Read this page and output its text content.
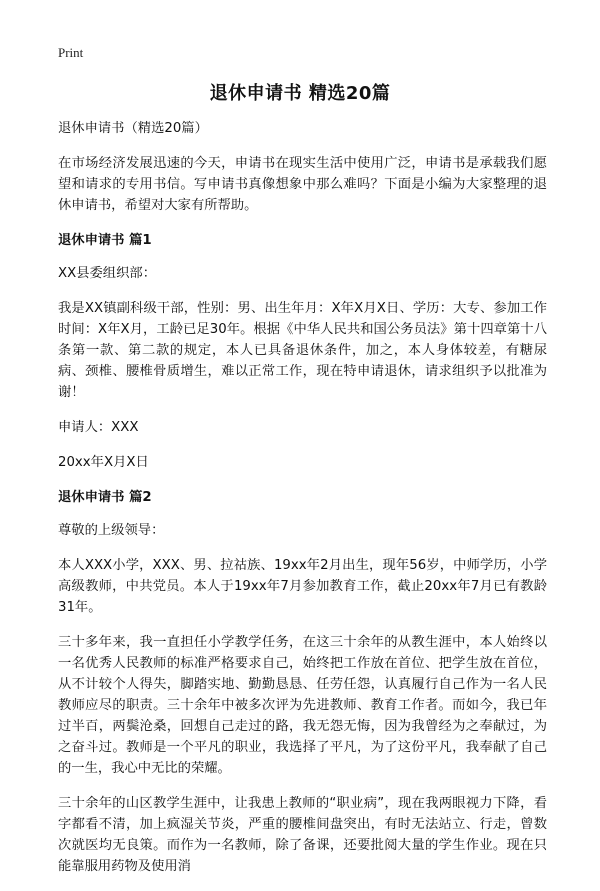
Print
退休申请书 精选20篇

退休申请书（精选20篇）

在市场经济发展迅速的今天，申请书在现实生活中使用广泛，申请书是承载我们愿望和请求的专用书信。写申请书真像想象中那么难吗？下面是小编为大家整理的退休申请书，希望对大家有所帮助。

退休申请书 篇1

XX县委组织部：

我是XX镇副科级干部，性别：男、出生年月：X年X月X日、学历：大专、参加工作时间：X年X月，工龄已足30年。根据《中华人民共和国公务员法》第十四章第十八条第一款、第二款的规定，本人已具备退休条件，加之，本人身体较差，有糖尿病、颈椎、腰椎骨质增生，难以正常工作，现在特申请退休，请求组织予以批准为谢！

申请人：XXX

20xx年X月X日

退休申请书 篇2

尊敬的上级领导：

本人XXX小学，XXX、男、拉祜族、19xx年2月出生，现年56岁，中师学历，小学高级教师，中共党员。本人于19xx年7月参加教育工作，截止20xx年7月已有教龄31年。

三十多年来，我一直担任小学教学任务，在这三十余年的从教生涯中，本人始终以一名优秀人民教师的标准严格要求自己，始终把工作放在首位、把学生放在首位，从不计较个人得失，脚踏实地、勤勤恳恳、任劳任怨，认真履行自己作为一名人民教师应尽的职责。三十余年中被多次评为先进教师、教育工作者。而如今，我已年过半百，两鬓沧桑，回想自己走过的路，我无怨无悔，因为我曾经为之奉献过，为之奋斗过。教师是一个平凡的职业，我选择了平凡，为了这份平凡，我奉献了自己的一生，我心中无比的荣耀。

三十余年的山区教学生涯中，让我患上教师的“职业病”，现在我两眼视力下降，看字都看不清，加上疯湿关节炎，严重的腰椎间盘突出，有时无法站立、行走，曾数次就医均无良策。而作为一名教师，除了备课，还要批阅大量的学生作业。现在只能靠服用药物及使用消
